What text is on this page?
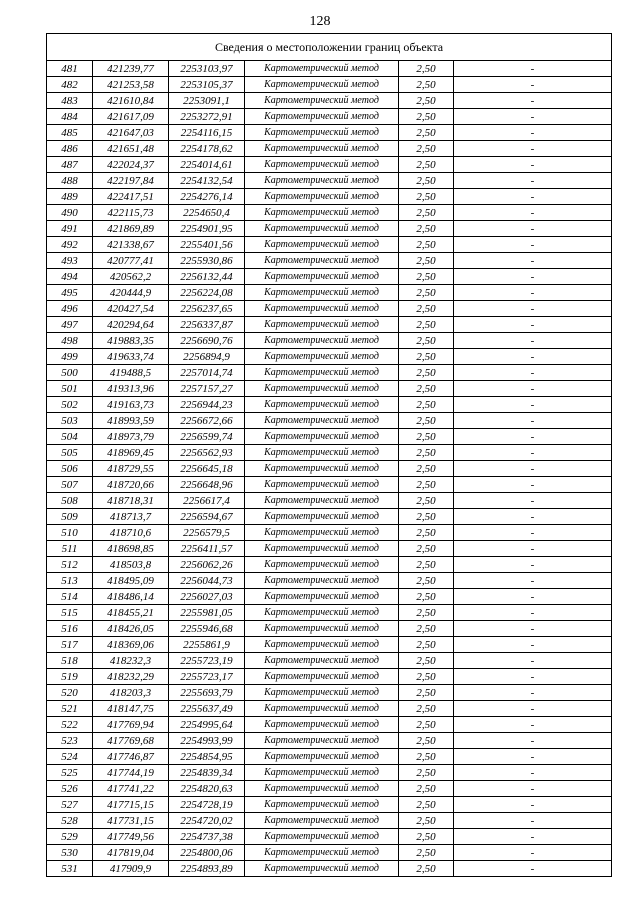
128
Сведения о местоположении границ объекта					
481	421239,77	2253103,97	Картометрический метод	2,50	-
482	421253,58	2253105,37	Картометрический метод	2,50	-
483	421610,84	2253091,1	Картометрический метод	2,50	-
484	421617,09	2253272,91	Картометрический метод	2,50	-
485	421647,03	2254116,15	Картометрический метод	2,50	-
486	421651,48	2254178,62	Картометрический метод	2,50	-
487	422024,37	2254014,61	Картометрический метод	2,50	-
488	422197,84	2254132,54	Картометрический метод	2,50	-
489	422417,51	2254276,14	Картометрический метод	2,50	-
490	422115,73	2254650,4	Картометрический метод	2,50	-
491	421869,89	2254901,95	Картометрический метод	2,50	-
492	421338,67	2255401,56	Картометрический метод	2,50	-
493	420777,41	2255930,86	Картометрический метод	2,50	-
494	420562,2	2256132,44	Картометрический метод	2,50	-
495	420444,9	2256224,08	Картометрический метод	2,50	-
496	420427,54	2256237,65	Картометрический метод	2,50	-
497	420294,64	2256337,87	Картометрический метод	2,50	-
498	419883,35	2256690,76	Картометрический метод	2,50	-
499	419633,74	2256894,9	Картометрический метод	2,50	-
500	419488,5	2257014,74	Картометрический метод	2,50	-
501	419313,96	2257157,27	Картометрический метод	2,50	-
502	419163,73	2256944,23	Картометрический метод	2,50	-
503	418993,59	2256672,66	Картометрический метод	2,50	-
504	418973,79	2256599,74	Картометрический метод	2,50	-
505	418969,45	2256562,93	Картометрический метод	2,50	-
506	418729,55	2256645,18	Картометрический метод	2,50	-
507	418720,66	2256648,96	Картометрический метод	2,50	-
508	418718,31	2256617,4	Картометрический метод	2,50	-
509	418713,7	2256594,67	Картометрический метод	2,50	-
510	418710,6	2256579,5	Картометрический метод	2,50	-
511	418698,85	2256411,57	Картометрический метод	2,50	-
512	418503,8	2256062,26	Картометрический метод	2,50	-
513	418495,09	2256044,73	Картометрический метод	2,50	-
514	418486,14	2256027,03	Картометрический метод	2,50	-
515	418455,21	2255981,05	Картометрический метод	2,50	-
516	418426,05	2255946,68	Картометрический метод	2,50	-
517	418369,06	2255861,9	Картометрический метод	2,50	-
518	418232,3	2255723,19	Картометрический метод	2,50	-
519	418232,29	2255723,17	Картометрический метод	2,50	-
520	418203,3	2255693,79	Картометрический метод	2,50	-
521	418147,75	2255637,49	Картометрический метод	2,50	-
522	417769,94	2254995,64	Картометрический метод	2,50	-
523	417769,68	2254993,99	Картометрический метод	2,50	-
524	417746,87	2254854,95	Картометрический метод	2,50	-
525	417744,19	2254839,34	Картометрический метод	2,50	-
526	417741,22	2254820,63	Картометрический метод	2,50	-
527	417715,15	2254728,19	Картометрический метод	2,50	-
528	417731,15	2254720,02	Картометрический метод	2,50	-
529	417749,56	2254737,38	Картометрический метод	2,50	-
530	417819,04	2254800,06	Картометрический метод	2,50	-
531	417909,9	2254893,89	Картометрический метод	2,50	-
